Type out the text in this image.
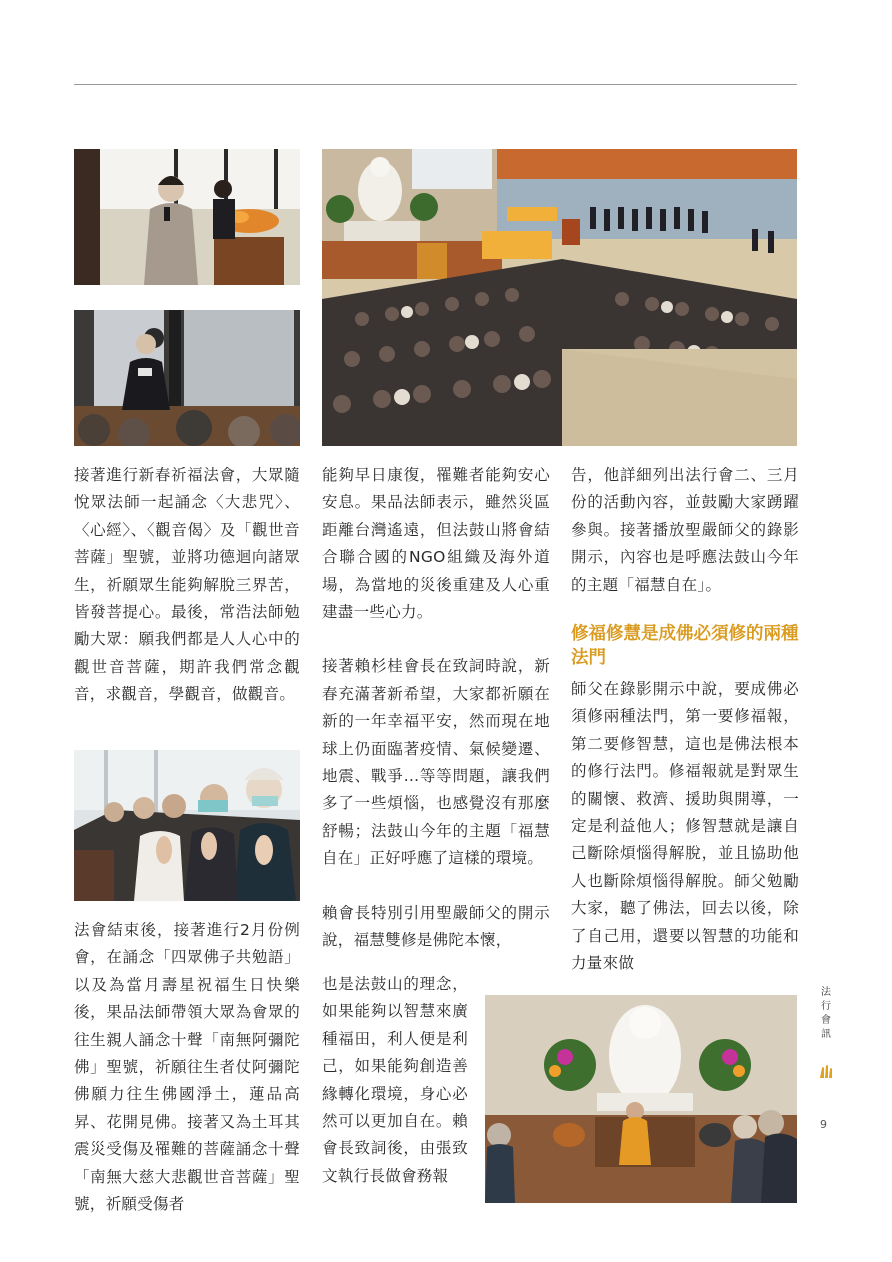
接著進行新春祈福法會，大眾隨悅眾法師一起誦念〈大悲咒〉、〈心經〉、〈觀音偈〉及「觀世音菩薩」聖號，並將功德迴向諸眾生，祈願眾生能夠解脫三界苦，皆發菩提心。最後，常浩法師勉勵大眾：願我們都是人人心中的觀世音菩薩，期許我們常念觀音，求觀音，學觀音，做觀音。

法會結束後，接著進行2月份例會，在誦念「四眾佛子共勉語」以及為當月壽星祝福生日快樂後，果品法師帶領大眾為會眾的往生親人誦念十聲「南無阿彌陀佛」聖號，祈願往生者仗阿彌陀佛願力往生佛國淨土，蓮品高昇、花開見佛。接著又為土耳其震災受傷及罹難的菩薩誦念十聲「南無大慈大悲觀世音菩薩」聖號，祈願受傷者

能夠早日康復，罹難者能夠安心安息。果品法師表示，雖然災區距離台灣遙遠，但法鼓山將會結合聯合國的NGO組織及海外道場，為當地的災後重建及人心重建盡一些心力。

接著賴杉桂會長在致詞時說，新春充滿著新希望，大家都祈願在新的一年幸福平安，然而現在地球上仍面臨著疫情、氣候變遷、地震、戰爭…等等問題，讓我們多了一些煩惱，也感覺沒有那麼舒暢；法鼓山今年的主題「福慧自在」正好呼應了這樣的環境。

賴會長特別引用聖嚴師父的開示說，福慧雙修是佛陀本懷，

也是法鼓山的理念，如果能夠以智慧來廣種福田，利人便是利己，如果能夠創造善緣轉化環境，身心必然可以更加自在。賴會長致詞後，由張致文執行長做會務報

告，他詳細列出法行會二、三月份的活動內容，並鼓勵大家踴躍參與。接著播放聖嚴師父的錄影開示，內容也是呼應法鼓山今年的主題「福慧自在」。

修福修慧是成佛必須修的兩種法門

師父在錄影開示中說，要成佛必須修兩種法門，第一要修福報，第二要修智慧，這也是佛法根本的修行法門。修福報就是對眾生的關懷、救濟、援助與開導，一定是利益他人；修智慧就是讓自己斷除煩惱得解脫，並且協助他人也斷除煩惱得解脫。師父勉勵大家，聽了佛法，回去以後，除了自己用，還要以智慧的功能和力量來做

法
行
會
訊
9
